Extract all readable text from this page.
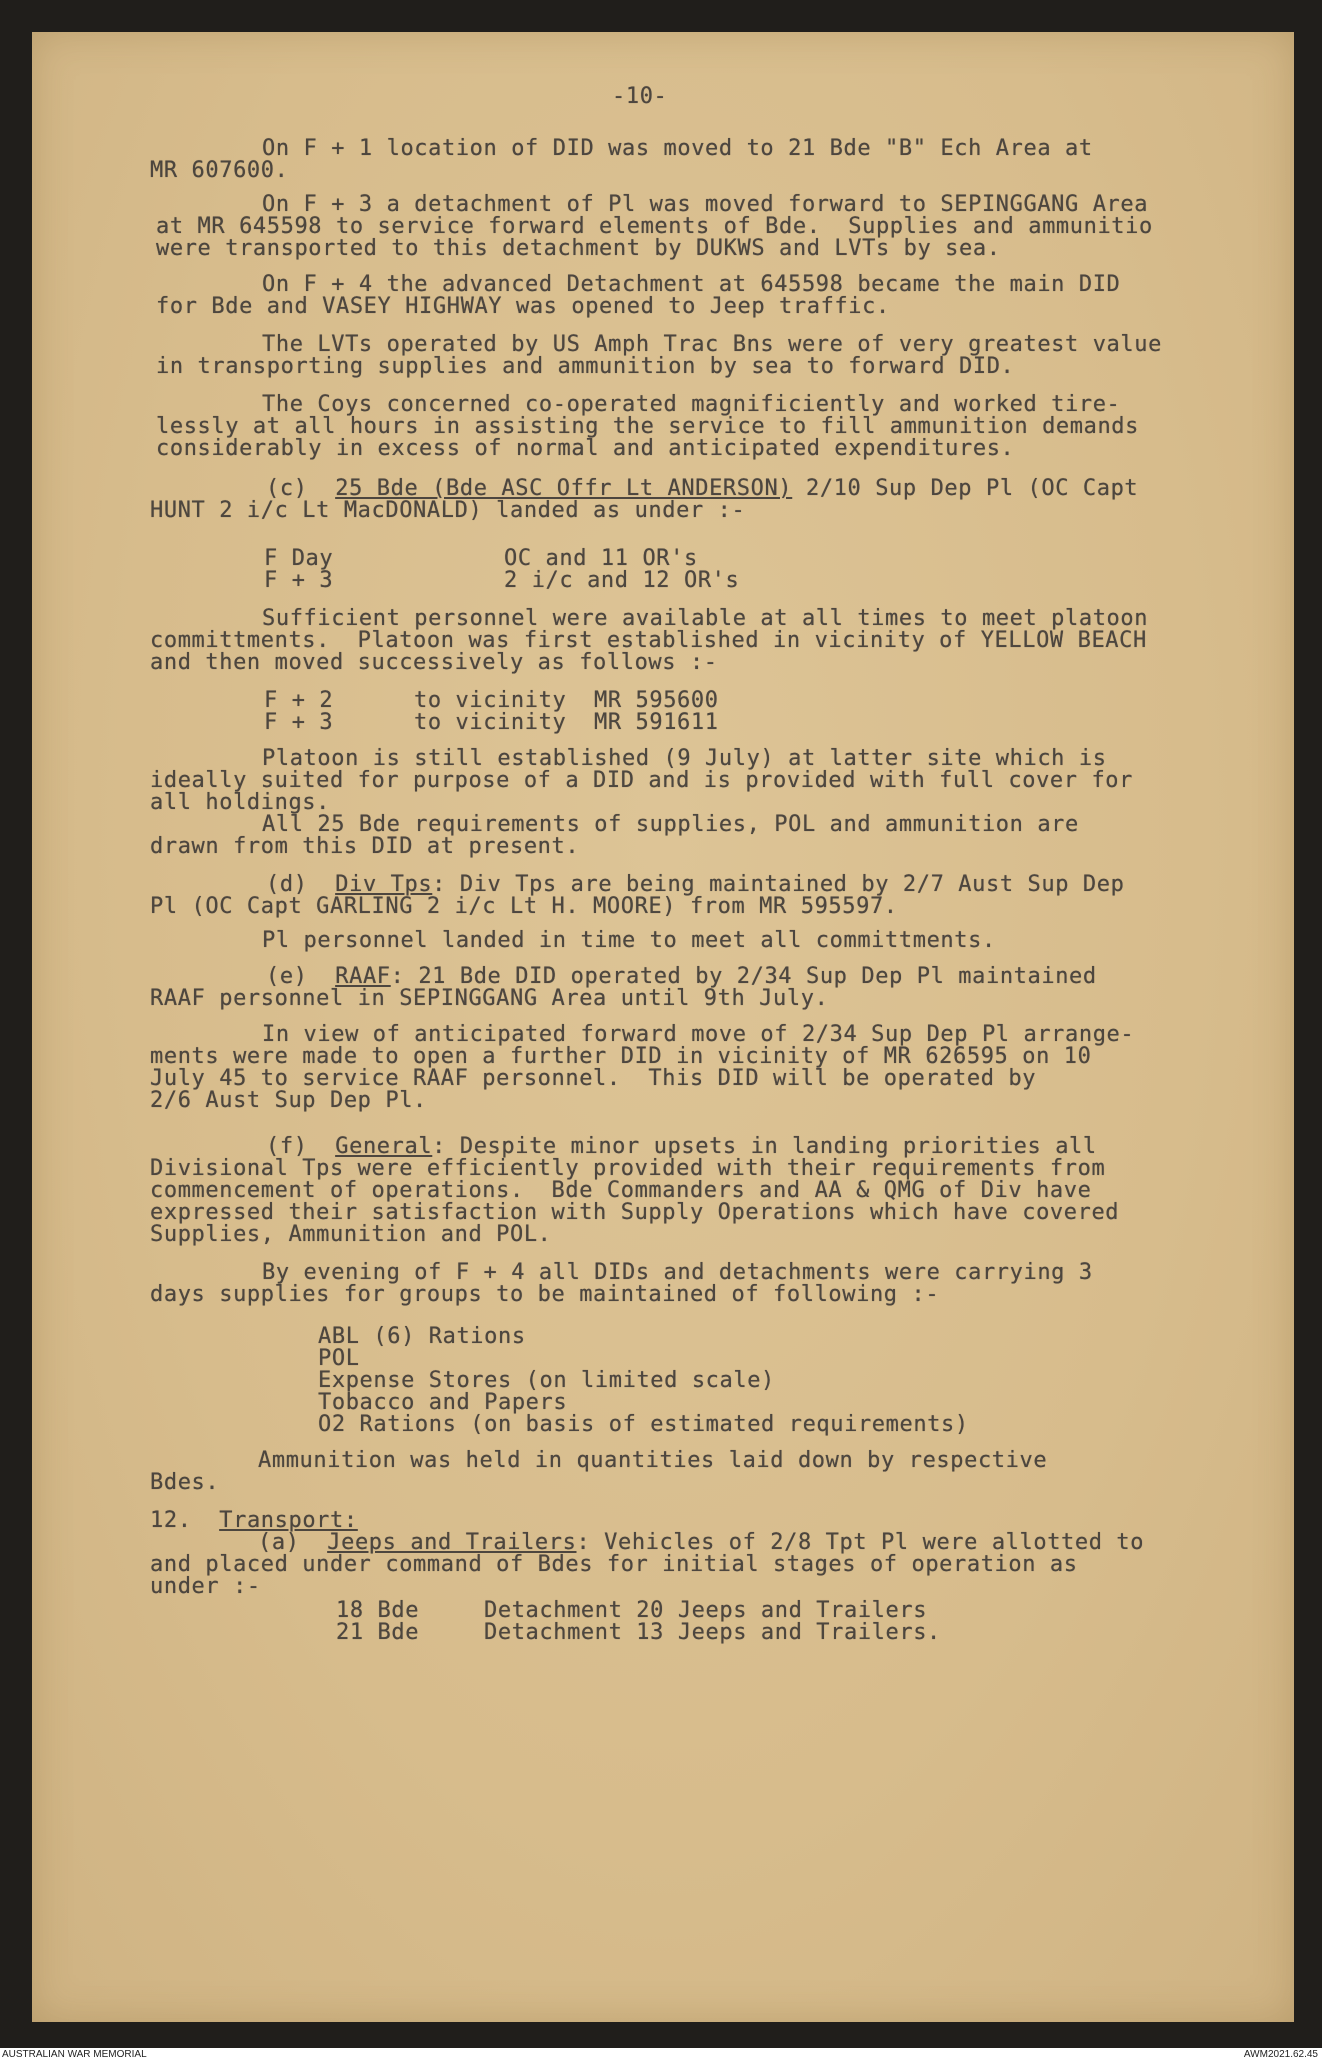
-10-
On F + 1 location of DID was moved to 21 Bde "B" Ech Area at
MR 607600.
On F + 3 a detachment of Pl was moved forward to SEPINGGANG Area
at MR 645598 to service forward elements of Bde.  Supplies and ammunitio
were transported to this detachment by DUKWS and LVTs by sea.
On F + 4 the advanced Detachment at 645598 became the main DID
for Bde and VASEY HIGHWAY was opened to Jeep traffic.
The LVTs operated by US Amph Trac Bns were of very greatest value
in transporting supplies and ammunition by sea to forward DID.
The Coys concerned co-operated magnificiently and worked tire-
lessly at all hours in assisting the service to fill ammunition demands
considerably in excess of normal and anticipated expenditures.
(c) 25 Bde (Bde ASC Offr Lt ANDERSON) 2/10 Sup Dep Pl (OC Capt
HUNT 2 i/c Lt MacDONALD) landed as under :-
F Day	OC and 11 OR's
F + 3	2 i/c and 12 OR's
Sufficient personnel were available at all times to meet platoon
committments.  Platoon was first established in vicinity of YELLOW BEACH
and then moved successively as follows :-
F + 2	to vicinity  MR 595600
F + 3	to vicinity  MR 591611
Platoon is still established (9 July) at latter site which is
ideally suited for purpose of a DID and is provided with full cover for
all holdings.
All 25 Bde requirements of supplies, POL and ammunition are
drawn from this DID at present.
(d) Div Tps: Div Tps are being maintained by 2/7 Aust Sup Dep
Pl (OC Capt GARLING 2 i/c Lt H. MOORE) from MR 595597.
Pl personnel landed in time to meet all committments.
(e) RAAF: 21 Bde DID operated by 2/34 Sup Dep Pl maintained
RAAF personnel in SEPINGGANG Area until 9th July.
In view of anticipated forward move of 2/34 Sup Dep Pl arrange-
ments were made to open a further DID in vicinity of MR 626595 on 10
July 45 to service RAAF personnel.  This DID will be operated by
2/6 Aust Sup Dep Pl.
(f) General: Despite minor upsets in landing priorities all
Divisional Tps were efficiently provided with their requirements from
commencement of operations.  Bde Commanders and AA & QMG of Div have
expressed their satisfaction with Supply Operations which have covered
Supplies, Ammunition and POL.
By evening of F + 4 all DIDs and detachments were carrying 3
days supplies for groups to be maintained of following :-
ABL (6) Rations
POL
Expense Stores (on limited scale)
Tobacco and Papers
O2 Rations (on basis of estimated requirements)
Ammunition was held in quantities laid down by respective
Bdes.
12. Transport:
(a) Jeeps and Trailers: Vehicles of 2/8 Tpt Pl were allotted to
and placed under command of Bdes for initial stages of operation as
under :-
18 Bde	Detachment 20 Jeeps and Trailers
21 Bde	Detachment 13 Jeeps and Trailers.
AUSTRALIAN WAR MEMORIAL	AWM2021.62.45
